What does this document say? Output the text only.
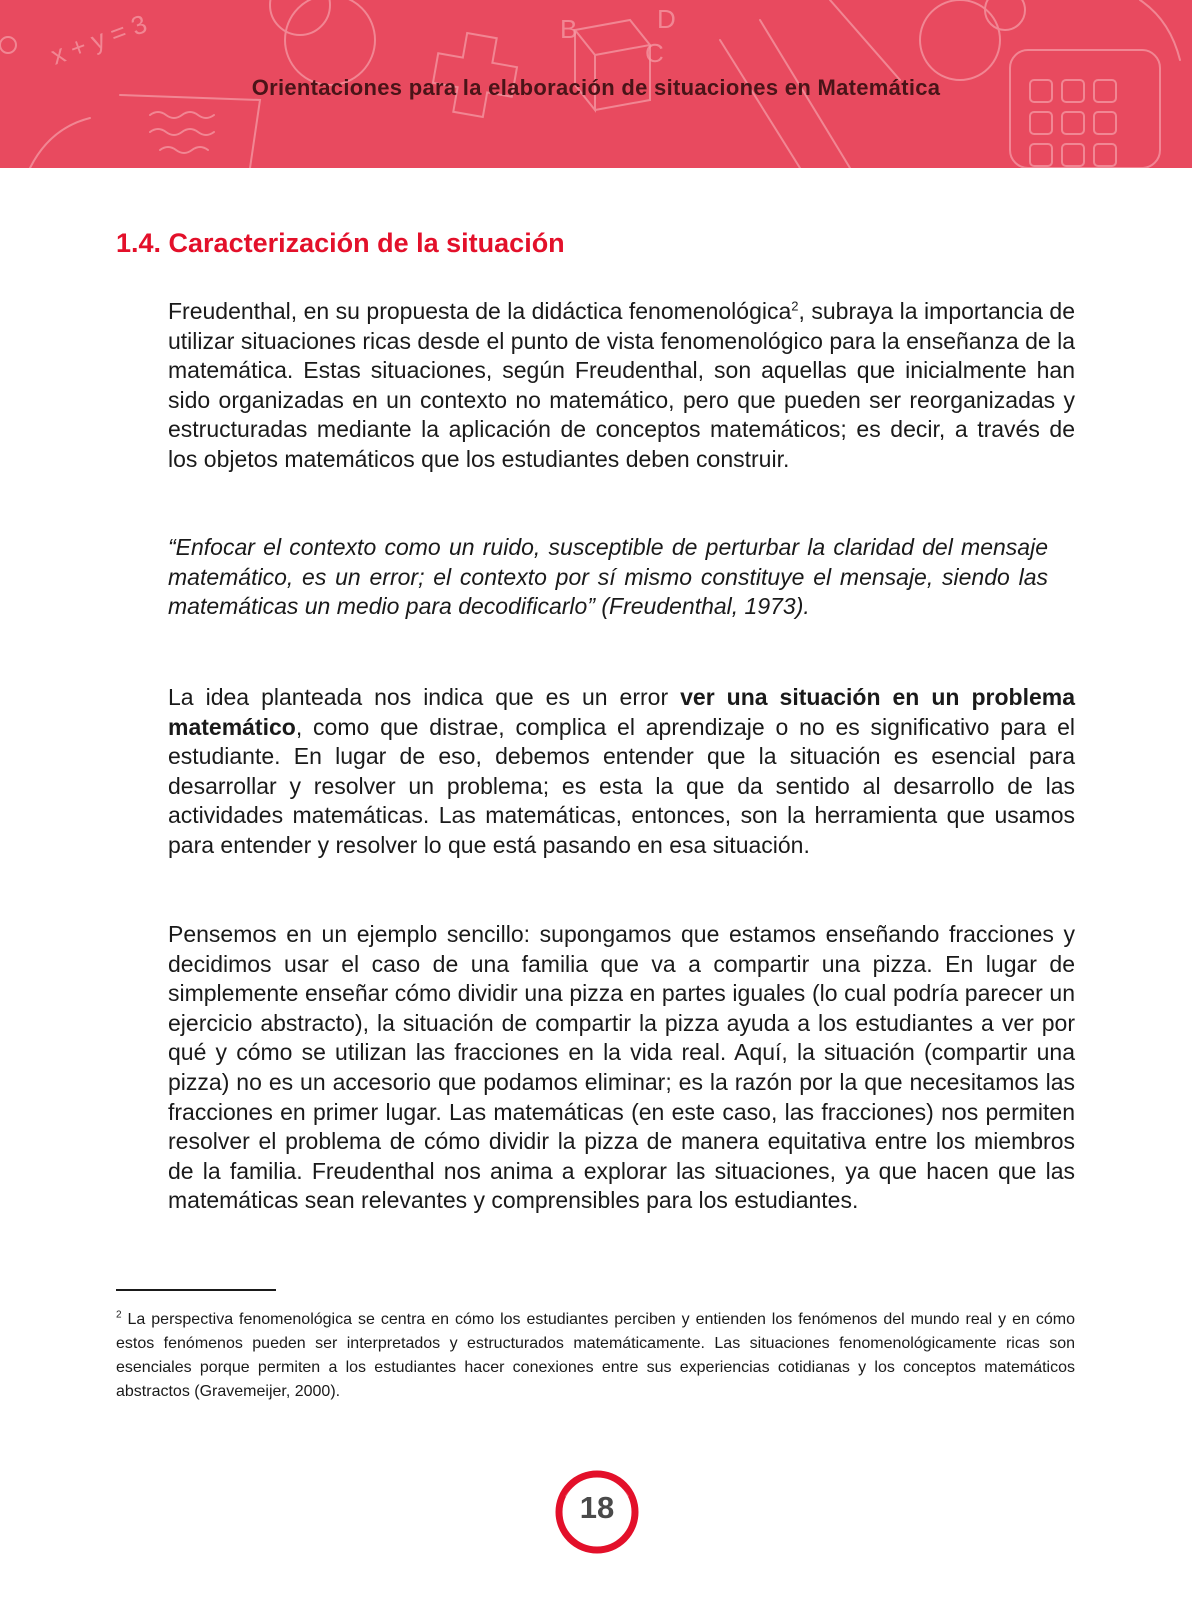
x + y = 3	B	D
C
Orientaciones para la elaboración de situaciones en Matemática
1.4. Caracterización de la situación

Freudenthal, en su propuesta de la didáctica fenomenológica$^2$, subraya la importancia de utilizar situaciones ricas desde el punto de vista fenomenológico para la enseñanza de la matemática. Estas situaciones, según Freudenthal, son aquellas que inicialmente han sido organizadas en un contexto no matemático, pero que pueden ser reorganizadas y estructuradas mediante la aplicación de conceptos matemáticos; es decir, a través de los objetos matemáticos que los estudiantes deben construir.

“Enfocar el contexto como un ruido, susceptible de perturbar la claridad del mensaje matemático, es un error; el contexto por sí mismo constituye el mensaje, siendo las matemáticas un medio para decodificarlo” (Freudenthal, 1973).

La idea planteada nos indica que es un error ver una situación en un problema matemático, como que distrae, complica el aprendizaje o no es significativo para el estudiante. En lugar de eso, debemos entender que la situación es esencial para desarrollar y resolver un problema; es esta la que da sentido al desarrollo de las actividades matemáticas. Las matemáticas, entonces, son la herramienta que usamos para entender y resolver lo que está pasando en esa situación.

Pensemos en un ejemplo sencillo: supongamos que estamos enseñando fracciones y decidimos usar el caso de una familia que va a compartir una pizza. En lugar de simplemente enseñar cómo dividir una pizza en partes iguales (lo cual podría parecer un ejercicio abstracto), la situación de compartir la pizza ayuda a los estudiantes a ver por qué y cómo se utilizan las fracciones en la vida real. Aquí, la situación (compartir una pizza) no es un accesorio que podamos eliminar; es la razón por la que necesitamos las fracciones en primer lugar. Las matemáticas (en este caso, las fracciones) nos permiten resolver el problema de cómo dividir la pizza de manera equitativa entre los miembros de la familia. Freudenthal nos anima a explorar las situaciones, ya que hacen que las matemáticas sean relevantes y comprensibles para los estudiantes.

$^2$ La perspectiva fenomenológica se centra en cómo los estudiantes perciben y entienden los fenómenos del mundo real y en cómo estos fenómenos pueden ser interpretados y estructurados matemáticamente. Las situaciones fenomenológicamente ricas son esenciales porque permiten a los estudiantes hacer conexiones entre sus experiencias cotidianas y los conceptos matemáticos abstractos (Gravemeijer, 2000).

18
